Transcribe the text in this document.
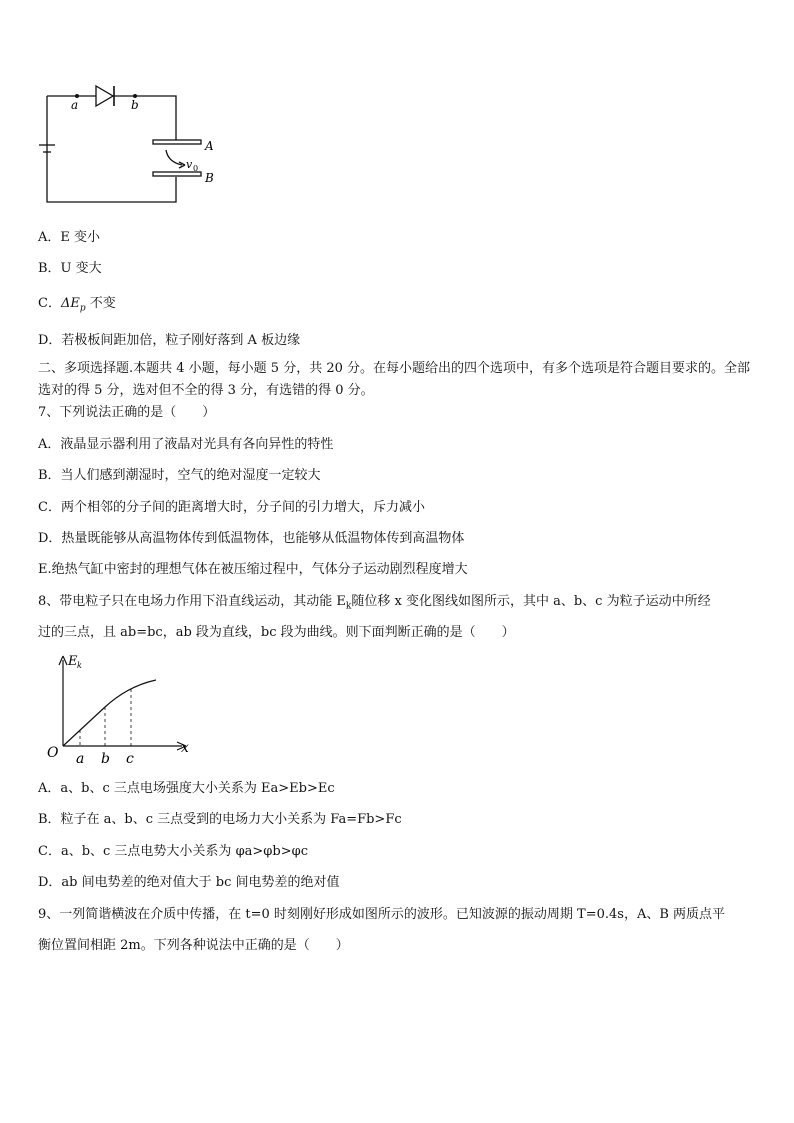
a	b
A
B
v 0
A．E 变小
B．U 变大
C．$\Delta E_p$ 不变
D．若极板间距加倍，粒子刚好落到 A 板边缘
二、多项选择题.本题共 4 小题，每小题 5 分，共 20 分。在每小题给出的四个选项中，有多个选项是符合题目要求的。全部选对的得 5 分，选对但不全的得 3 分，有选错的得 0 分。
7、下列说法正确的是（　　）
A．液晶显示器利用了液晶对光具有各向异性的特性
B．当人们感到潮湿时，空气的绝对湿度一定较大
C．两个相邻的分子间的距离增大时，分子间的引力增大，斥力减小
D．热量既能够从高温物体传到低温物体，也能够从低温物体传到高温物体
E.绝热气缸中密封的理想气体在被压缩过程中，气体分子运动剧烈程度增大
8、带电粒子只在电场力作用下沿直线运动，其动能 $E_k$随位移 x 变化图线如图所示，其中 a、b、c 为粒子运动中所经
过的三点，且 ab=bc，ab 段为直线，bc 段为曲线。则下面判断正确的是（　　）
E k
x
O a b c
A．a、b、c 三点电场强度大小关系为 Ea>Eb>Ec
B．粒子在 a、b、c 三点受到的电场力大小关系为 Fa=Fb>Fc
C．a、b、c 三点电势大小关系为 φa>φb>φc
D．ab 间电势差的绝对值大于 bc 间电势差的绝对值
9、一列简谐横波在介质中传播，在 t=0 时刻刚好形成如图所示的波形。已知波源的振动周期 T=0.4s，A、B 两质点平
衡位置间相距 2m。下列各种说法中正确的是（　　）
